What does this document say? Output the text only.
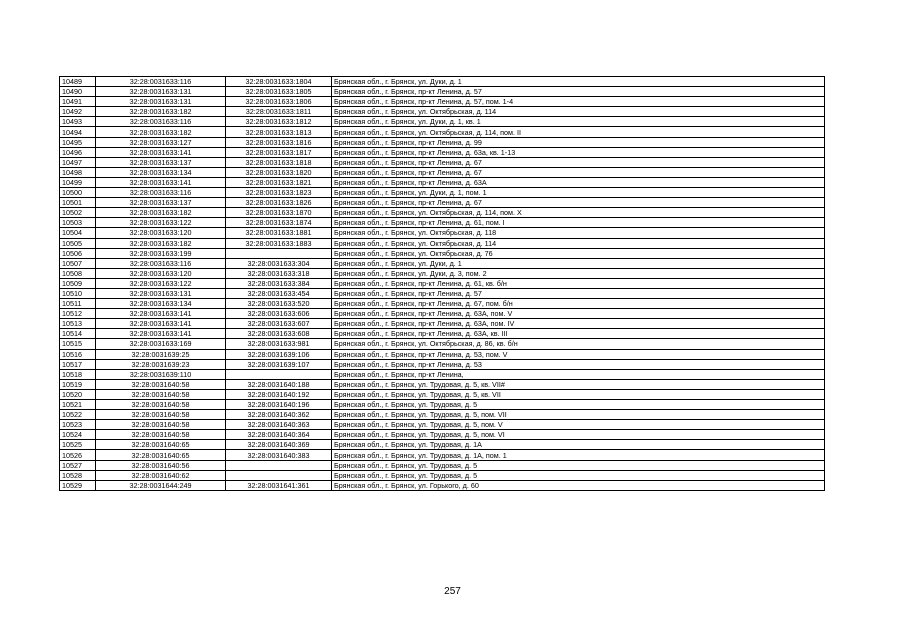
10489	32:28:0031633:116	32:28:0031633:1804	Брянская обл., г. Брянск, ул. Дуки, д. 1
10490	32:28:0031633:131	32:28:0031633:1805	Брянская обл., г. Брянск, пр-кт Ленина, д. 57
10491	32:28:0031633:131	32:28:0031633:1806	Брянская обл., г. Брянск, пр-кт Ленина, д. 57, пом. 1-4
10492	32:28:0031633:182	32:28:0031633:1811	Брянская обл., г. Брянск, ул. Октябрьская, д. 114
10493	32:28:0031633:116	32:28:0031633:1812	Брянская обл., г. Брянск, ул. Дуки, д. 1, кв. 1
10494	32:28:0031633:182	32:28:0031633:1813	Брянская обл., г. Брянск, ул. Октябрьская, д. 114, пом. II
10495	32:28:0031633:127	32:28:0031633:1816	Брянская обл., г. Брянск, пр-кт Ленина, д. 99
10496	32:28:0031633:141	32:28:0031633:1817	Брянская обл., г. Брянск, пр-кт Ленина, д. 63а, кв. 1-13
10497	32:28:0031633:137	32:28:0031633:1818	Брянская обл., г. Брянск, пр-кт Ленина, д. 67
10498	32:28:0031633:134	32:28:0031633:1820	Брянская обл., г. Брянск, пр-кт Ленина, д. 67
10499	32:28:0031633:141	32:28:0031633:1821	Брянская обл., г. Брянск, пр-кт Ленина, д. 63А
10500	32:28:0031633:116	32:28:0031633:1823	Брянская обл., г. Брянск, ул. Дуки, д. 1, пом. 1
10501	32:28:0031633:137	32:28:0031633:1826	Брянская обл., г. Брянск, пр-кт Ленина, д. 67
10502	32:28:0031633:182	32:28:0031633:1870	Брянская обл., г. Брянск, ул. Октябрьская, д. 114, пом. X
10503	32:28:0031633:122	32:28:0031633:1874	Брянская обл., г. Брянск, пр-кт Ленина, д. 61, пом. I
10504	32:28:0031633:120	32:28:0031633:1881	Брянская обл., г. Брянск, ул. Октябрьская, д. 118
10505	32:28:0031633:182	32:28:0031633:1883	Брянская обл., г. Брянск, ул. Октябрьская, д. 114
10506	32:28:0031633:199		Брянская обл., г. Брянск, ул. Октябрьская, д. 76
10507	32:28:0031633:116	32:28:0031633:304	Брянская обл., г. Брянск, ул. Дуки, д. 1
10508	32:28:0031633:120	32:28:0031633:318	Брянская обл., г. Брянск, ул. Дуки, д. 3, пом. 2
10509	32:28:0031633:122	32:28:0031633:384	Брянская обл., г. Брянск, пр-кт Ленина, д. 61, кв. б/н
10510	32:28:0031633:131	32:28:0031633:454	Брянская обл., г. Брянск, пр-кт Ленина, д. 57
10511	32:28:0031633:134	32:28:0031633:520	Брянская обл., г. Брянск, пр-кт Ленина, д. 67, пом. б/н
10512	32:28:0031633:141	32:28:0031633:606	Брянская обл., г. Брянск, пр-кт Ленина, д. 63А, пом. V
10513	32:28:0031633:141	32:28:0031633:607	Брянская обл., г. Брянск, пр-кт Ленина, д. 63А, пом. IV
10514	32:28:0031633:141	32:28:0031633:608	Брянская обл., г. Брянск, пр-кт Ленина, д. 63А, кв. III
10515	32:28:0031633:169	32:28:0031633:981	Брянская обл., г. Брянск, ул. Октябрьская, д. 86, кв. б/н
10516	32:28:0031639:25	32:28:0031639:106	Брянская обл., г. Брянск, пр-кт Ленина, д. 53, пом. V
10517	32:28:0031639:23	32:28:0031639:107	Брянская обл., г. Брянск, пр-кт Ленина, д. 53
10518	32:28:0031639:110		Брянская обл., г. Брянск, пр-кт Ленина,
10519	32:28:0031640:58	32:28:0031640:188	Брянская обл., г. Брянск, ул. Трудовая, д. 5, кв. VII#
10520	32:28:0031640:58	32:28:0031640:192	Брянская обл., г. Брянск, ул. Трудовая, д. 5, кв. VII
10521	32:28:0031640:58	32:28:0031640:196	Брянская обл., г. Брянск, ул. Трудовая, д. 5
10522	32:28:0031640:58	32:28:0031640:362	Брянская обл., г. Брянск, ул. Трудовая, д. 5, пом. VII
10523	32:28:0031640:58	32:28:0031640:363	Брянская обл., г. Брянск, ул. Трудовая, д. 5, пом. V
10524	32:28:0031640:58	32:28:0031640:364	Брянская обл., г. Брянск, ул. Трудовая, д. 5, пом. VI
10525	32:28:0031640:65	32:28:0031640:369	Брянская обл., г. Брянск, ул. Трудовая, д. 1А
10526	32:28:0031640:65	32:28:0031640:383	Брянская обл., г. Брянск, ул. Трудовая, д. 1А, пом. 1
10527	32:28:0031640:56		Брянская обл., г. Брянск, ул. Трудовая, д. 5
10528	32:28:0031640:62		Брянская обл., г. Брянск, ул. Трудовая, д. 5
10529	32:28:0031644:249	32:28:0031641:361	Брянская обл., г. Брянск, ул. Горького, д. 60
257
